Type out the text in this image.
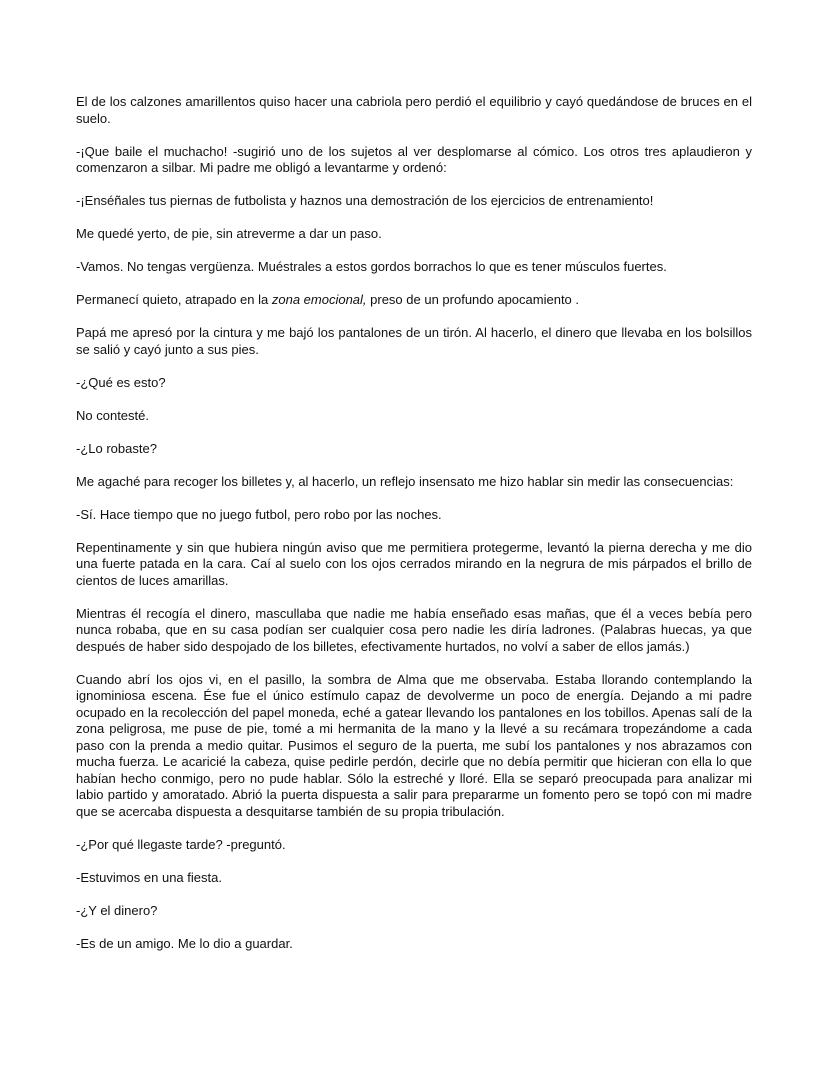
El de los calzones amarillentos quiso hacer una cabriola pero perdió el equilibrio y cayó quedándose de bruces en el suelo.

-¡Que baile el muchacho! -sugirió uno de los sujetos al ver desplomarse al cómico. Los otros tres aplaudieron y comenzaron a silbar. Mi padre me obligó a levantarme y ordenó:

-¡Enséñales tus piernas de futbolista y haznos una demostración de los ejercicios de entrenamiento!

Me quedé yerto, de pie, sin atreverme a dar un paso.

-Vamos. No tengas vergüenza. Muéstrales a estos gordos borrachos lo que es tener músculos fuertes.

Permanecí quieto, atrapado en la zona emocional, preso de un profundo apocamiento .

Papá me apresó por la cintura y me bajó los pantalones de un tirón. Al hacerlo, el dinero que llevaba en los bolsillos se salió y cayó junto a sus pies.

-¿Qué es esto?

No contesté.

-¿Lo robaste?

Me agaché para recoger los billetes y, al hacerlo, un reflejo insensato me hizo hablar sin medir las consecuencias:

-Sí. Hace tiempo que no juego futbol, pero robo por las noches.

Repentinamente y sin que hubiera ningún aviso que me permitiera protegerme, levantó la pierna derecha y me dio una fuerte patada en la cara. Caí al suelo con los ojos cerrados mirando en la negrura de mis párpados el brillo de cientos de luces amarillas.

Mientras él recogía el dinero, mascullaba que nadie me había enseñado esas mañas, que él a veces bebía pero nunca robaba, que en su casa podían ser cualquier cosa pero nadie les diría ladrones. (Palabras huecas, ya que después de haber sido despojado de los billetes, efectivamente hurtados, no volví a saber de ellos jamás.)

Cuando abrí los ojos vi, en el pasillo, la sombra de Alma que me observaba. Estaba llorando contemplando la ignominiosa escena. Ése fue el único estímulo capaz de devolverme un poco de energía. Dejando a mi padre ocupado en la recolección del papel moneda, eché a gatear llevando los pantalones en los tobillos. Apenas salí de la zona peligrosa, me puse de pie, tomé a mi hermanita de la mano y la llevé a su recámara tropezándome a cada paso con la prenda a medio quitar. Pusimos el seguro de la puerta, me subí los pantalones y nos abrazamos con mucha fuerza. Le acaricié la cabeza, quise pedirle perdón, decirle que no debía permitir que hicieran con ella lo que habían hecho conmigo, pero no pude hablar. Sólo la estreché y lloré. Ella se separó preocupada para analizar mi labio partido y amoratado. Abrió la puerta dispuesta a salir para prepararme un fomento pero se topó con mi madre que se acercaba dispuesta a desquitarse también de su propia tribulación.

-¿Por qué llegaste tarde? -preguntó.

-Estuvimos en una fiesta.

-¿Y el dinero?

-Es de un amigo. Me lo dio a guardar.
